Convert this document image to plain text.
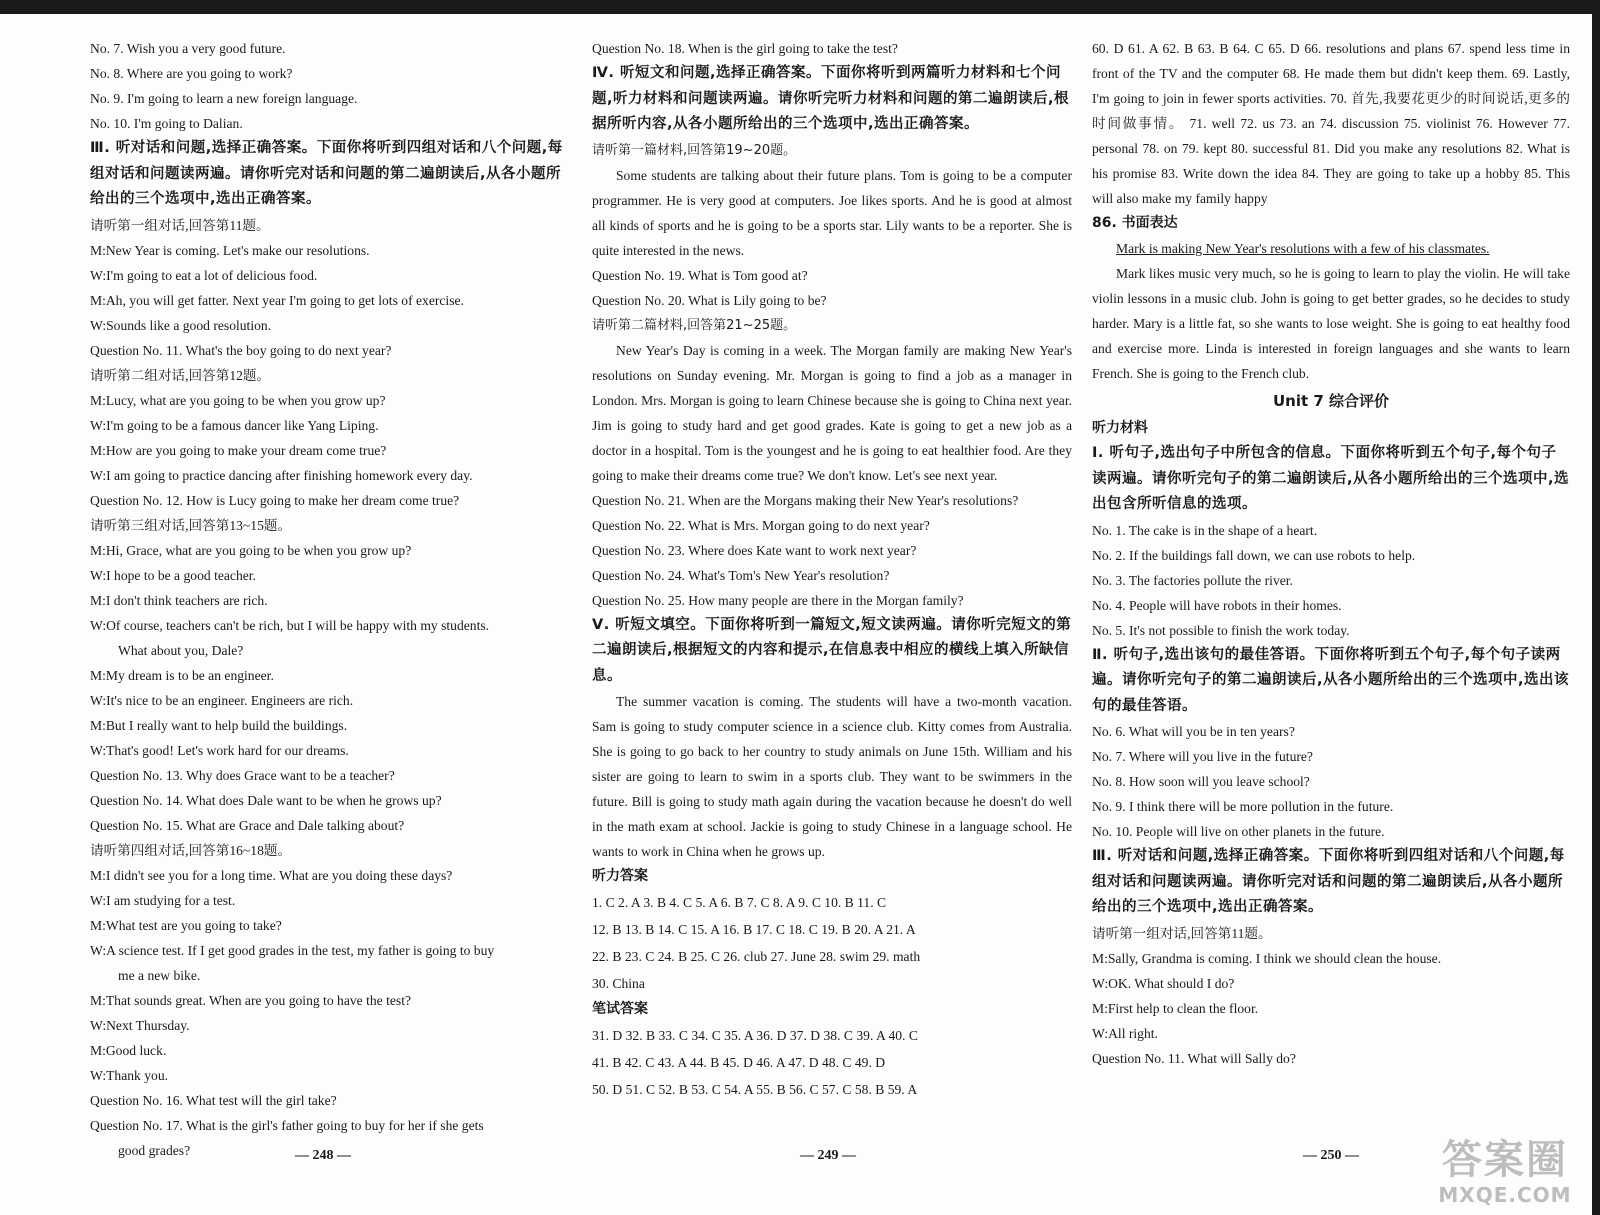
No. 7. Wish you a very good future.
No. 8. Where are you going to work?
No. 9. I'm going to learn a new foreign language.
No. 10. I'm going to Dalian.
Ⅲ. 听对话和问题,选择正确答案。下面你将听到四组对话和八个问题,每组对话和问题读两遍。请你听完对话和问题的第二遍朗读后,从各小题所给出的三个选项中,选出正确答案。
请听第一组对话,回答第11题。
M:New Year is coming. Let's make our resolutions.
W:I'm going to eat a lot of delicious food.
M:Ah, you will get fatter. Next year I'm going to get lots of exercise.
W:Sounds like a good resolution.
Question No. 11. What's the boy going to do next year?
请听第二组对话,回答第12题。
M:Lucy, what are you going to be when you grow up?
W:I'm going to be a famous dancer like Yang Liping.
M:How are you going to make your dream come true?
W:I am going to practice dancing after finishing homework every day.
Question No. 12. How is Lucy going to make her dream come true?
请听第三组对话,回答第13~15题。
M:Hi, Grace, what are you going to be when you grow up?
W:I hope to be a good teacher.
M:I don't think teachers are rich.
W:Of course, teachers can't be rich, but I will be happy with my students.
What about you, Dale?
M:My dream is to be an engineer.
W:It's nice to be an engineer. Engineers are rich.
M:But I really want to help build the buildings.
W:That's good! Let's work hard for our dreams.
Question No. 13. Why does Grace want to be a teacher?
Question No. 14. What does Dale want to be when he grows up?
Question No. 15. What are Grace and Dale talking about?
请听第四组对话,回答第16~18题。
M:I didn't see you for a long time. What are you doing these days?
W:I am studying for a test.
M:What test are you going to take?
W:A science test. If I get good grades in the test, my father is going to buy
me a new bike.
M:That sounds great. When are you going to have the test?
W:Next Thursday.
M:Good luck.
W:Thank you.
Question No. 16. What test will the girl take?
Question No. 17. What is the girl's father going to buy for her if she gets
good grades?
Question No. 18. When is the girl going to take the test?
Ⅳ. 听短文和问题,选择正确答案。下面你将听到两篇听力材料和七个问题,听力材料和问题读两遍。请你听完听力材料和问题的第二遍朗读后,根据所听内容,从各小题所给出的三个选项中,选出正确答案。
请听第一篇材料,回答第19~20题。
Some students are talking about their future plans. Tom is going to be a computer programmer. He is very good at computers. Joe likes sports. And he is good at almost all kinds of sports and he is going to be a sports star. Lily wants to be a reporter. She is quite interested in the news.
Question No. 19. What is Tom good at?
Question No. 20. What is Lily going to be?
请听第二篇材料,回答第21~25题。
New Year's Day is coming in a week. The Morgan family are making New Year's resolutions on Sunday evening. Mr. Morgan is going to find a job as a manager in London. Mrs. Morgan is going to learn Chinese because she is going to China next year. Jim is going to study hard and get good grades. Kate is going to get a new job as a doctor in a hospital. Tom is the youngest and he is going to eat healthier food. Are they going to make their dreams come true? We don't know. Let's see next year.
Question No. 21. When are the Morgans making their New Year's resolutions?
Question No. 22. What is Mrs. Morgan going to do next year?
Question No. 23. Where does Kate want to work next year?
Question No. 24. What's Tom's New Year's resolution?
Question No. 25. How many people are there in the Morgan family?
Ⅴ. 听短文填空。下面你将听到一篇短文,短文读两遍。请你听完短文的第二遍朗读后,根据短文的内容和提示,在信息表中相应的横线上填入所缺信息。
The summer vacation is coming. The students will have a two-month vacation. Sam is going to study computer science in a science club. Kitty comes from Australia. She is going to go back to her country to study animals on June 15th. William and his sister are going to learn to swim in a sports club. They want to be swimmers in the future. Bill is going to study math again during the vacation because he doesn't do well in the math exam at school. Jackie is going to study Chinese in a language school. He wants to work in China when he grows up.
听力答案
1. C 2. A 3. B 4. C 5. A 6. B 7. C 8. A 9. C 10. B 11. C
12. B 13. B 14. C 15. A 16. B 17. C 18. C 19. B 20. A 21. A
22. B 23. C 24. B 25. C 26. club 27. June 28. swim 29. math
30. China
笔试答案
31. D 32. B 33. C 34. C 35. A 36. D 37. D 38. C 39. A 40. C
41. B 42. C 43. A 44. B 45. D 46. A 47. D 48. C 49. D
50. D 51. C 52. B 53. C 54. A 55. B 56. C 57. C 58. B 59. A
60. D 61. A 62. B 63. B 64. C 65. D 66. resolutions and plans 67. spend less time in front of the TV and the computer 68. He made them but didn't keep them. 69. Lastly, I'm going to join in fewer sports activities. 70. 首先,我要花更少的时间说话,更多的时间做事情。 71. well 72. us 73. an 74. discussion 75. violinist 76. However 77. personal 78. on 79. kept 80. successful 81. Did you make any resolutions 82. What is his promise 83. Write down the idea 84. They are going to take up a hobby 85. This will also make my family happy
86. 书面表达
Mark is making New Year's resolutions with a few of his classmates.
Mark likes music very much, so he is going to learn to play the violin. He will take violin lessons in a music club. John is going to get better grades, so he decides to study harder. Mary is a little fat, so she wants to lose weight. She is going to eat healthy food and exercise more. Linda is interested in foreign languages and she wants to learn French. She is going to the French club.
Unit 7 综合评价
听力材料
Ⅰ. 听句子,选出句子中所包含的信息。下面你将听到五个句子,每个句子读两遍。请你听完句子的第二遍朗读后,从各小题所给出的三个选项中,选出包含所听信息的选项。
No. 1. The cake is in the shape of a heart.
No. 2. If the buildings fall down, we can use robots to help.
No. 3. The factories pollute the river.
No. 4. People will have robots in their homes.
No. 5. It's not possible to finish the work today.
Ⅱ. 听句子,选出该句的最佳答语。下面你将听到五个句子,每个句子读两遍。请你听完句子的第二遍朗读后,从各小题所给出的三个选项中,选出该句的最佳答语。
No. 6. What will you be in ten years?
No. 7. Where will you live in the future?
No. 8. How soon will you leave school?
No. 9. I think there will be more pollution in the future.
No. 10. People will live on other planets in the future.
Ⅲ. 听对话和问题,选择正确答案。下面你将听到四组对话和八个问题,每组对话和问题读两遍。请你听完对话和问题的第二遍朗读后,从各小题所给出的三个选项中,选出正确答案。
请听第一组对话,回答第11题。
M:Sally, Grandma is coming. I think we should clean the house.
W:OK. What should I do?
M:First help to clean the floor.
W:All right.
Question No. 11. What will Sally do?
— 248 —	— 249 —	— 250 —	答案圈
MXQE.COM
